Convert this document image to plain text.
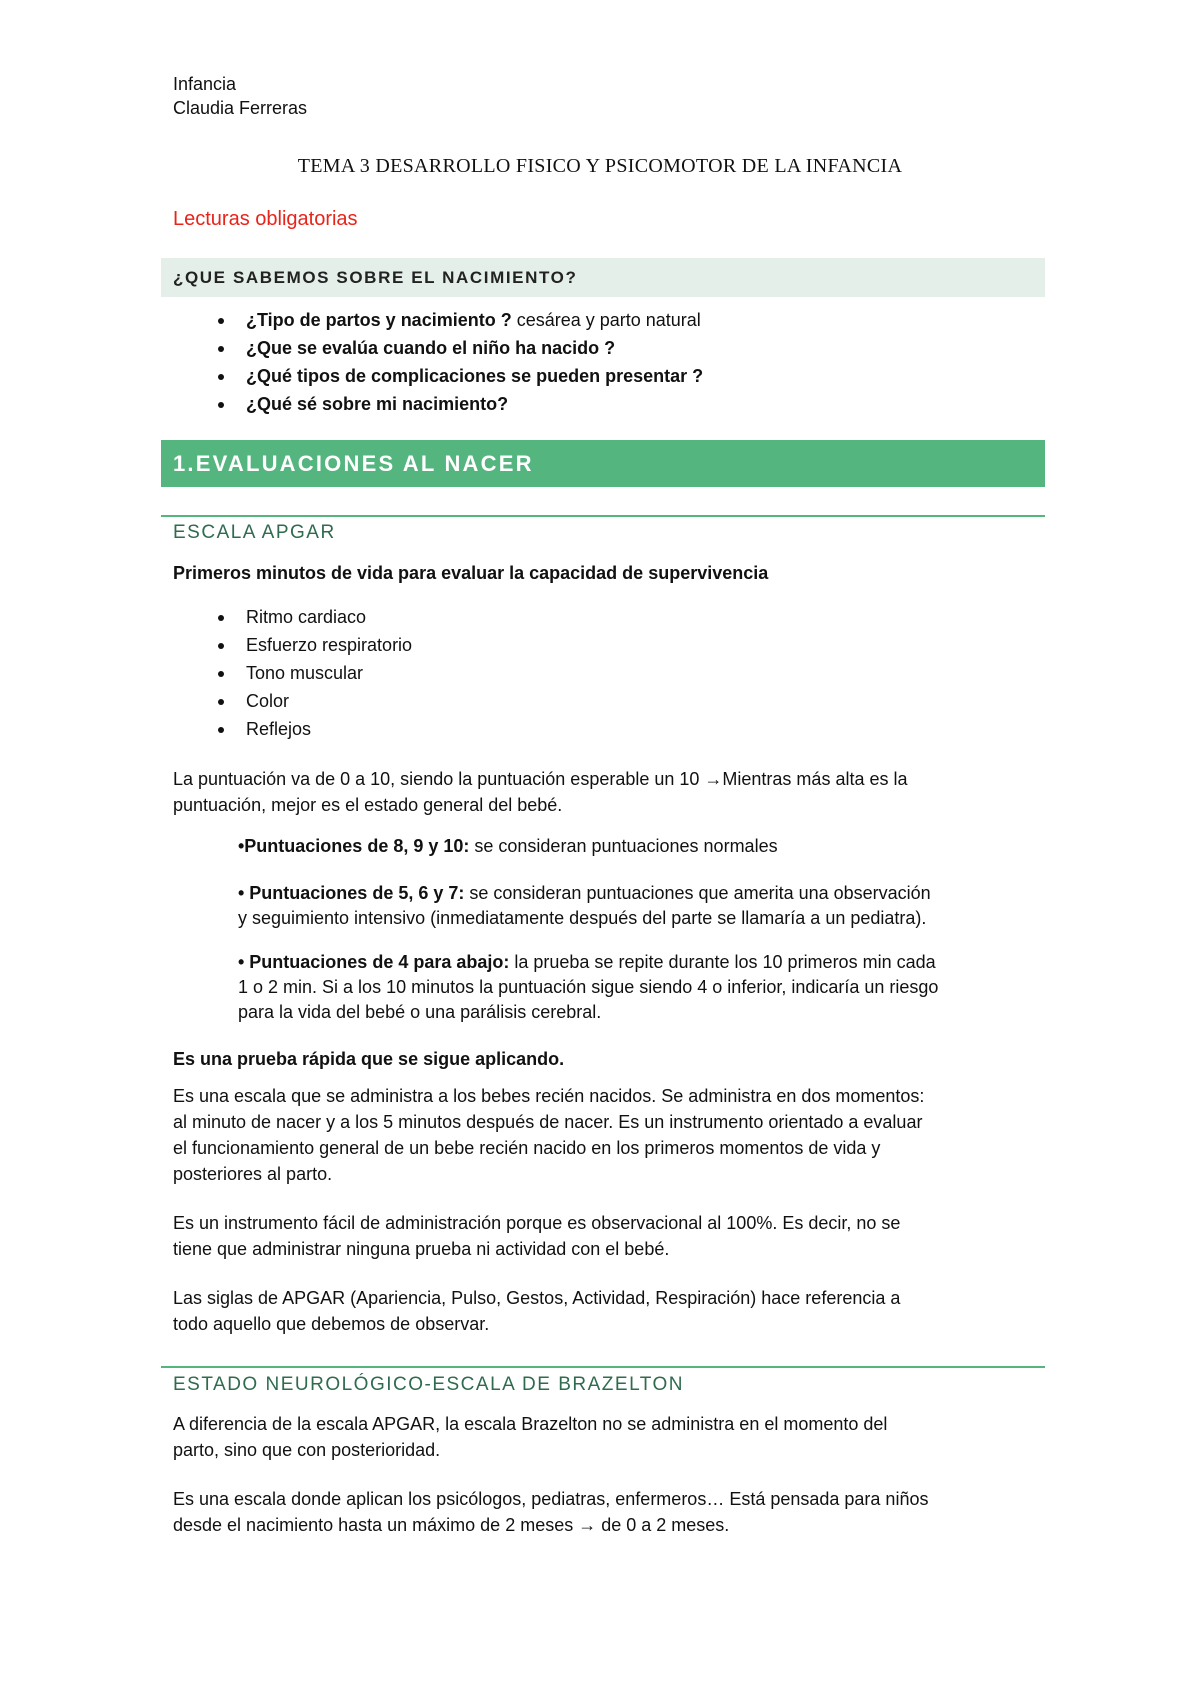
Infancia
Claudia Ferreras
TEMA 3 DESARROLLO FISICO Y PSICOMOTOR DE LA INFANCIA
Lecturas obligatorias
¿QUE SABEMOS SOBRE EL NACIMIENTO?
¿Tipo de partos y nacimiento ? cesárea y parto natural
¿Que se evalúa cuando el niño ha nacido ?
¿Qué tipos de complicaciones se pueden presentar ?
¿Qué sé sobre mi nacimiento?
1.EVALUACIONES AL NACER
ESCALA APGAR
Primeros minutos de vida para evaluar la capacidad de supervivencia
Ritmo cardiaco
Esfuerzo respiratorio
Tono muscular
Color
Reflejos

La puntuación va de 0 a 10, siendo la puntuación esperable un 10 →Mientras más alta es la

puntuación, mejor es el estado general del bebé.

•Puntuaciones de 8, 9 y 10: se consideran puntuaciones normales

• Puntuaciones de 5, 6 y 7: se consideran puntuaciones que amerita una observación

y seguimiento intensivo (inmediatamente después del parte se llamaría a un pediatra).

• Puntuaciones de 4 para abajo: la prueba se repite durante los 10 primeros min cada

1 o 2 min. Si a los 10 minutos la puntuación sigue siendo 4 o inferior, indicaría un riesgo

para la vida del bebé o una parálisis cerebral.

Es una prueba rápida que se sigue aplicando.

Es una escala que se administra a los bebes recién nacidos. Se administra en dos momentos:

al minuto de nacer y a los 5 minutos después de nacer. Es un instrumento orientado a evaluar

el funcionamiento general de un bebe recién nacido en los primeros momentos de vida y

posteriores al parto.

Es un instrumento fácil de administración porque es observacional al 100%. Es decir, no se

tiene que administrar ninguna prueba ni actividad con el bebé.

Las siglas de APGAR (Apariencia, Pulso, Gestos, Actividad, Respiración) hace referencia a

todo aquello que debemos de observar.

ESTADO NEUROLÓGICO-ESCALA DE BRAZELTON

A diferencia de la escala APGAR, la escala Brazelton no se administra en el momento del

parto, sino que con posterioridad.

Es una escala donde aplican los psicólogos, pediatras, enfermeros… Está pensada para niños

desde el nacimiento hasta un máximo de 2 meses → de 0 a 2 meses.
